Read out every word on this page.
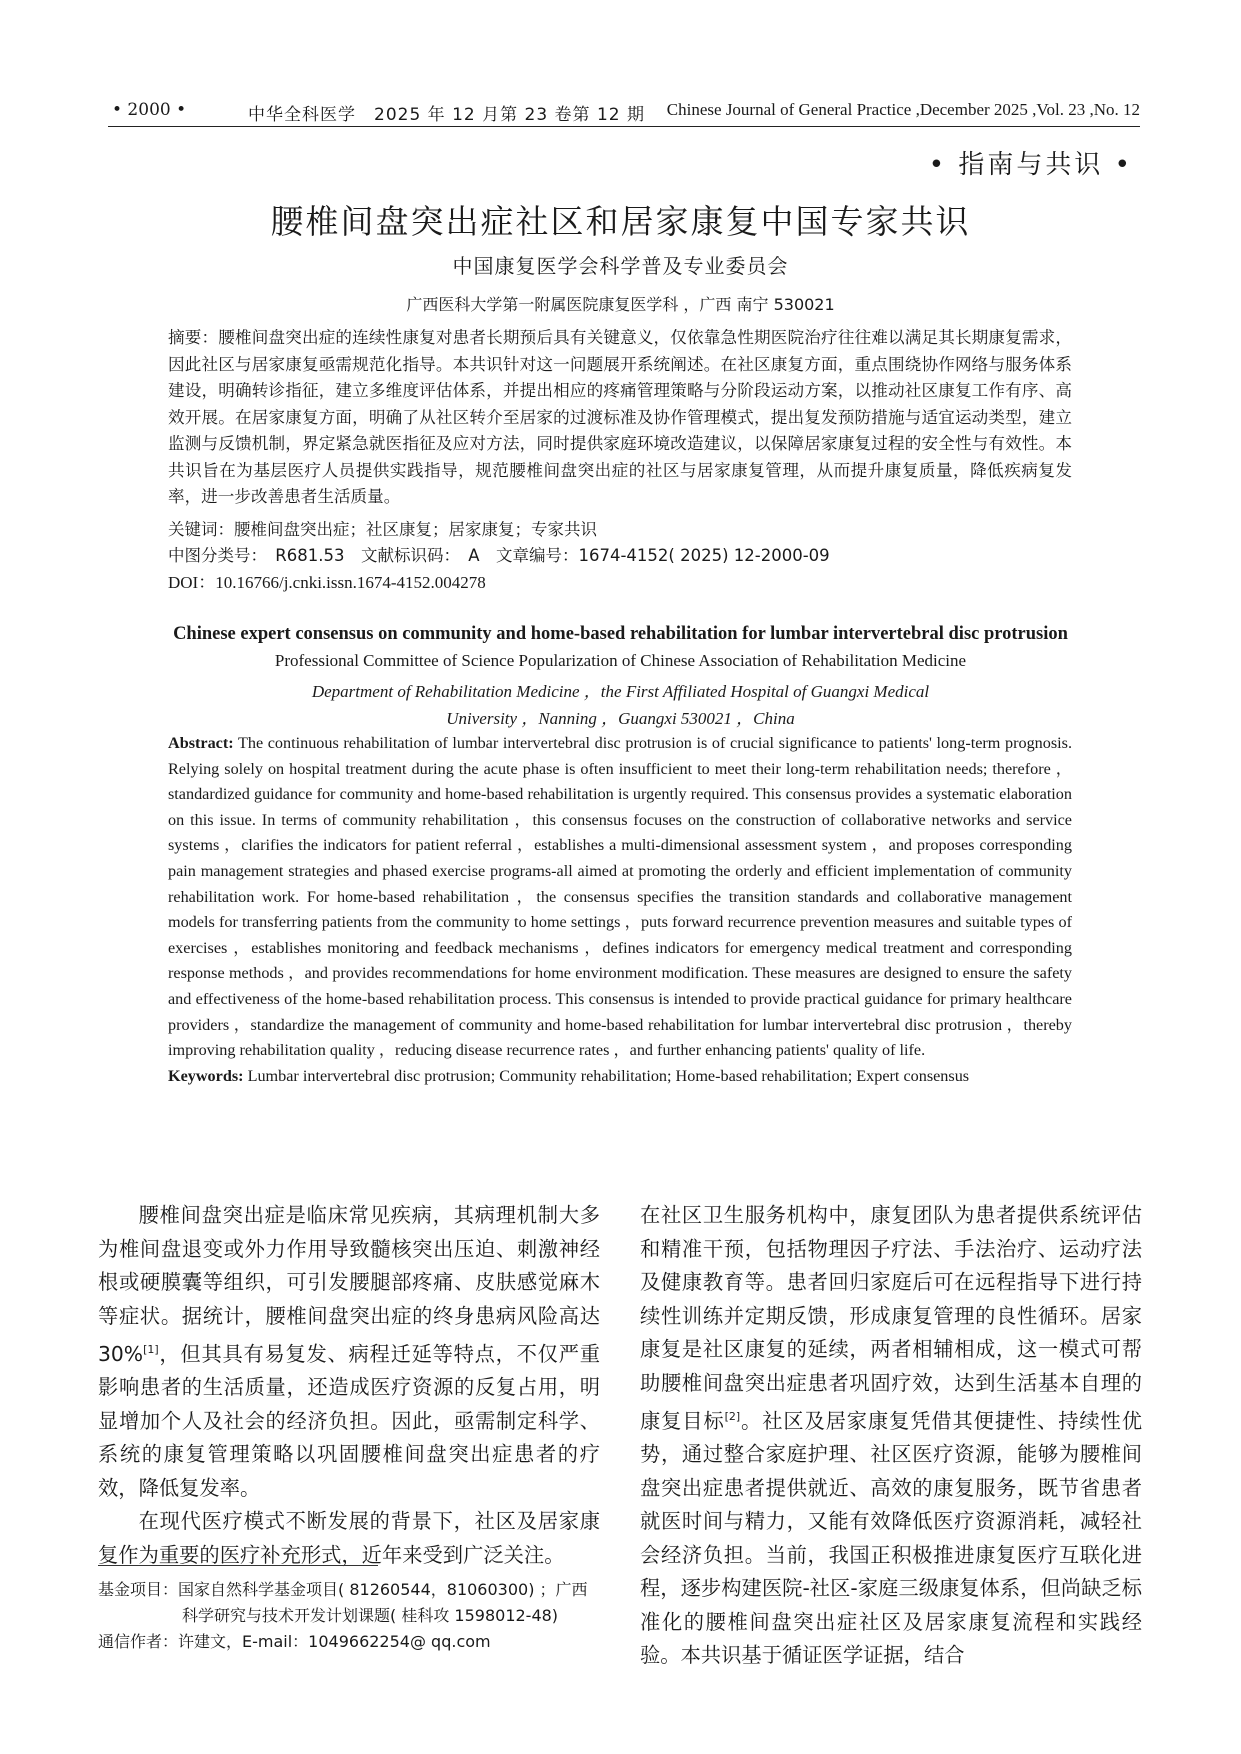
• 2000 •	中华全科医学　2025 年 12 月第 23 卷第 12 期 Chinese Journal of General Practice ,December 2025 ,Vol. 23 ,No. 12
• 指南与共识 •
腰椎间盘突出症社区和居家康复中国专家共识
中国康复医学会科学普及专业委员会
广西医科大学第一附属医院康复医学科 ，广西 南宁 530021

摘要：腰椎间盘突出症的连续性康复对患者长期预后具有关键意义，仅依靠急性期医院治疗往往难以满足其长期康复需求，因此社区与居家康复亟需规范化指导。本共识针对这一问题展开系统阐述。在社区康复方面，重点围绕协作网络与服务体系建设，明确转诊指征，建立多维度评估体系，并提出相应的疼痛管理策略与分阶段运动方案，以推动社区康复工作有序、高效开展。在居家康复方面，明确了从社区转介至居家的过渡标准及协作管理模式，提出复发预防措施与适宜运动类型，建立监测与反馈机制，界定紧急就医指征及应对方法，同时提供家庭环境改造建议，以保障居家康复过程的安全性与有效性。本共识旨在为基层医疗人员提供实践指导，规范腰椎间盘突出症的社区与居家康复管理，从而提升康复质量，降低疾病复发率，进一步改善患者生活质量。

关键词：腰椎间盘突出症；社区康复；居家康复；专家共识
中图分类号：　R681.53　文献标识码：　A　文章编号：1674-4152( 2025) 12-2000-09
DOI：10.16766/j.cnki.issn.1674-4152.004278
Chinese expert consensus on community and home-based rehabilitation for lumbar intervertebral disc protrusion
Professional Committee of Science Popularization of Chinese Association of Rehabilitation Medicine
Department of Rehabilitation Medicine ，the First Affiliated Hospital of Guangxi Medical
University ，Nanning ，Guangxi 530021 ，China

Abstract: The continuous rehabilitation of lumbar intervertebral disc protrusion is of crucial significance to patients' long-term prognosis. Relying solely on hospital treatment during the acute phase is often insufficient to meet their long-term rehabilitation needs; therefore ，standardized guidance for community and home-based rehabilitation is urgently required. This consensus provides a systematic elaboration on this issue. In terms of community rehabilitation ，this consensus focuses on the construction of collaborative networks and service systems ，clarifies the indicators for patient referral ，establishes a multi-dimensional assessment system ，and proposes corresponding pain management strategies and phased exercise programs-all aimed at promoting the orderly and efficient implementation of community rehabilitation work. For home-based rehabilitation ，the consensus specifies the transition standards and collaborative management models for transferring patients from the community to home settings ，puts forward recurrence prevention measures and suitable types of exercises ，establishes monitoring and feedback mechanisms ，defines indicators for emergency medical treatment and corresponding response methods ，and provides recommendations for home environment modification. These measures are designed to ensure the safety and effectiveness of the home-based rehabilitation process. This consensus is intended to provide practical guidance for primary healthcare providers ，standardize the management of community and home-based rehabilitation for lumbar intervertebral disc protrusion ，thereby improving rehabilitation quality ，reducing disease recurrence rates ，and further enhancing patients' quality of life.

Keywords: Lumbar intervertebral disc protrusion; Community rehabilitation; Home-based rehabilitation; Expert consensus

腰椎间盘突出症是临床常见疾病，其病理机制大多为椎间盘退变或外力作用导致髓核突出压迫、刺激神经根或硬膜囊等组织，可引发腰腿部疼痛、皮肤感觉麻木等症状。据统计，腰椎间盘突出症的终身患病风险高达 30%[1]，但其具有易复发、病程迁延等特点，不仅严重影响患者的生活质量，还造成医疗资源的反复占用，明显增加个人及社会的经济负担。因此，亟需制定科学、系统的康复管理策略以巩固腰椎间盘突出症患者的疗效，降低复发率。

在现代医疗模式不断发展的背景下，社区及居家康复作为重要的医疗补充形式，近年来受到广泛关注。

在社区卫生服务机构中，康复团队为患者提供系统评估和精准干预，包括物理因子疗法、手法治疗、运动疗法及健康教育等。患者回归家庭后可在远程指导下进行持续性训练并定期反馈，形成康复管理的良性循环。居家康复是社区康复的延续，两者相辅相成，这一模式可帮助腰椎间盘突出症患者巩固疗效，达到生活基本自理的康复目标[2]。社区及居家康复凭借其便捷性、持续性优势，通过整合家庭护理、社区医疗资源，能够为腰椎间盘突出症患者提供就近、高效的康复服务，既节省患者就医时间与精力，又能有效降低医疗资源消耗，减轻社会经济负担。当前，我国正积极推进康复医疗互联化进程，逐步构建医院-社区-家庭三级康复体系，但尚缺乏标准化的腰椎间盘突出症社区及居家康复流程和实践经验。本共识基于循证医学证据，结合

基金项目：国家自然科学基金项目( 81260544，81060300) ；广西
科学研究与技术开发计划课题( 桂科攻 1598012-48)
通信作者：许建文，E-mail：1049662254@ qq.com
